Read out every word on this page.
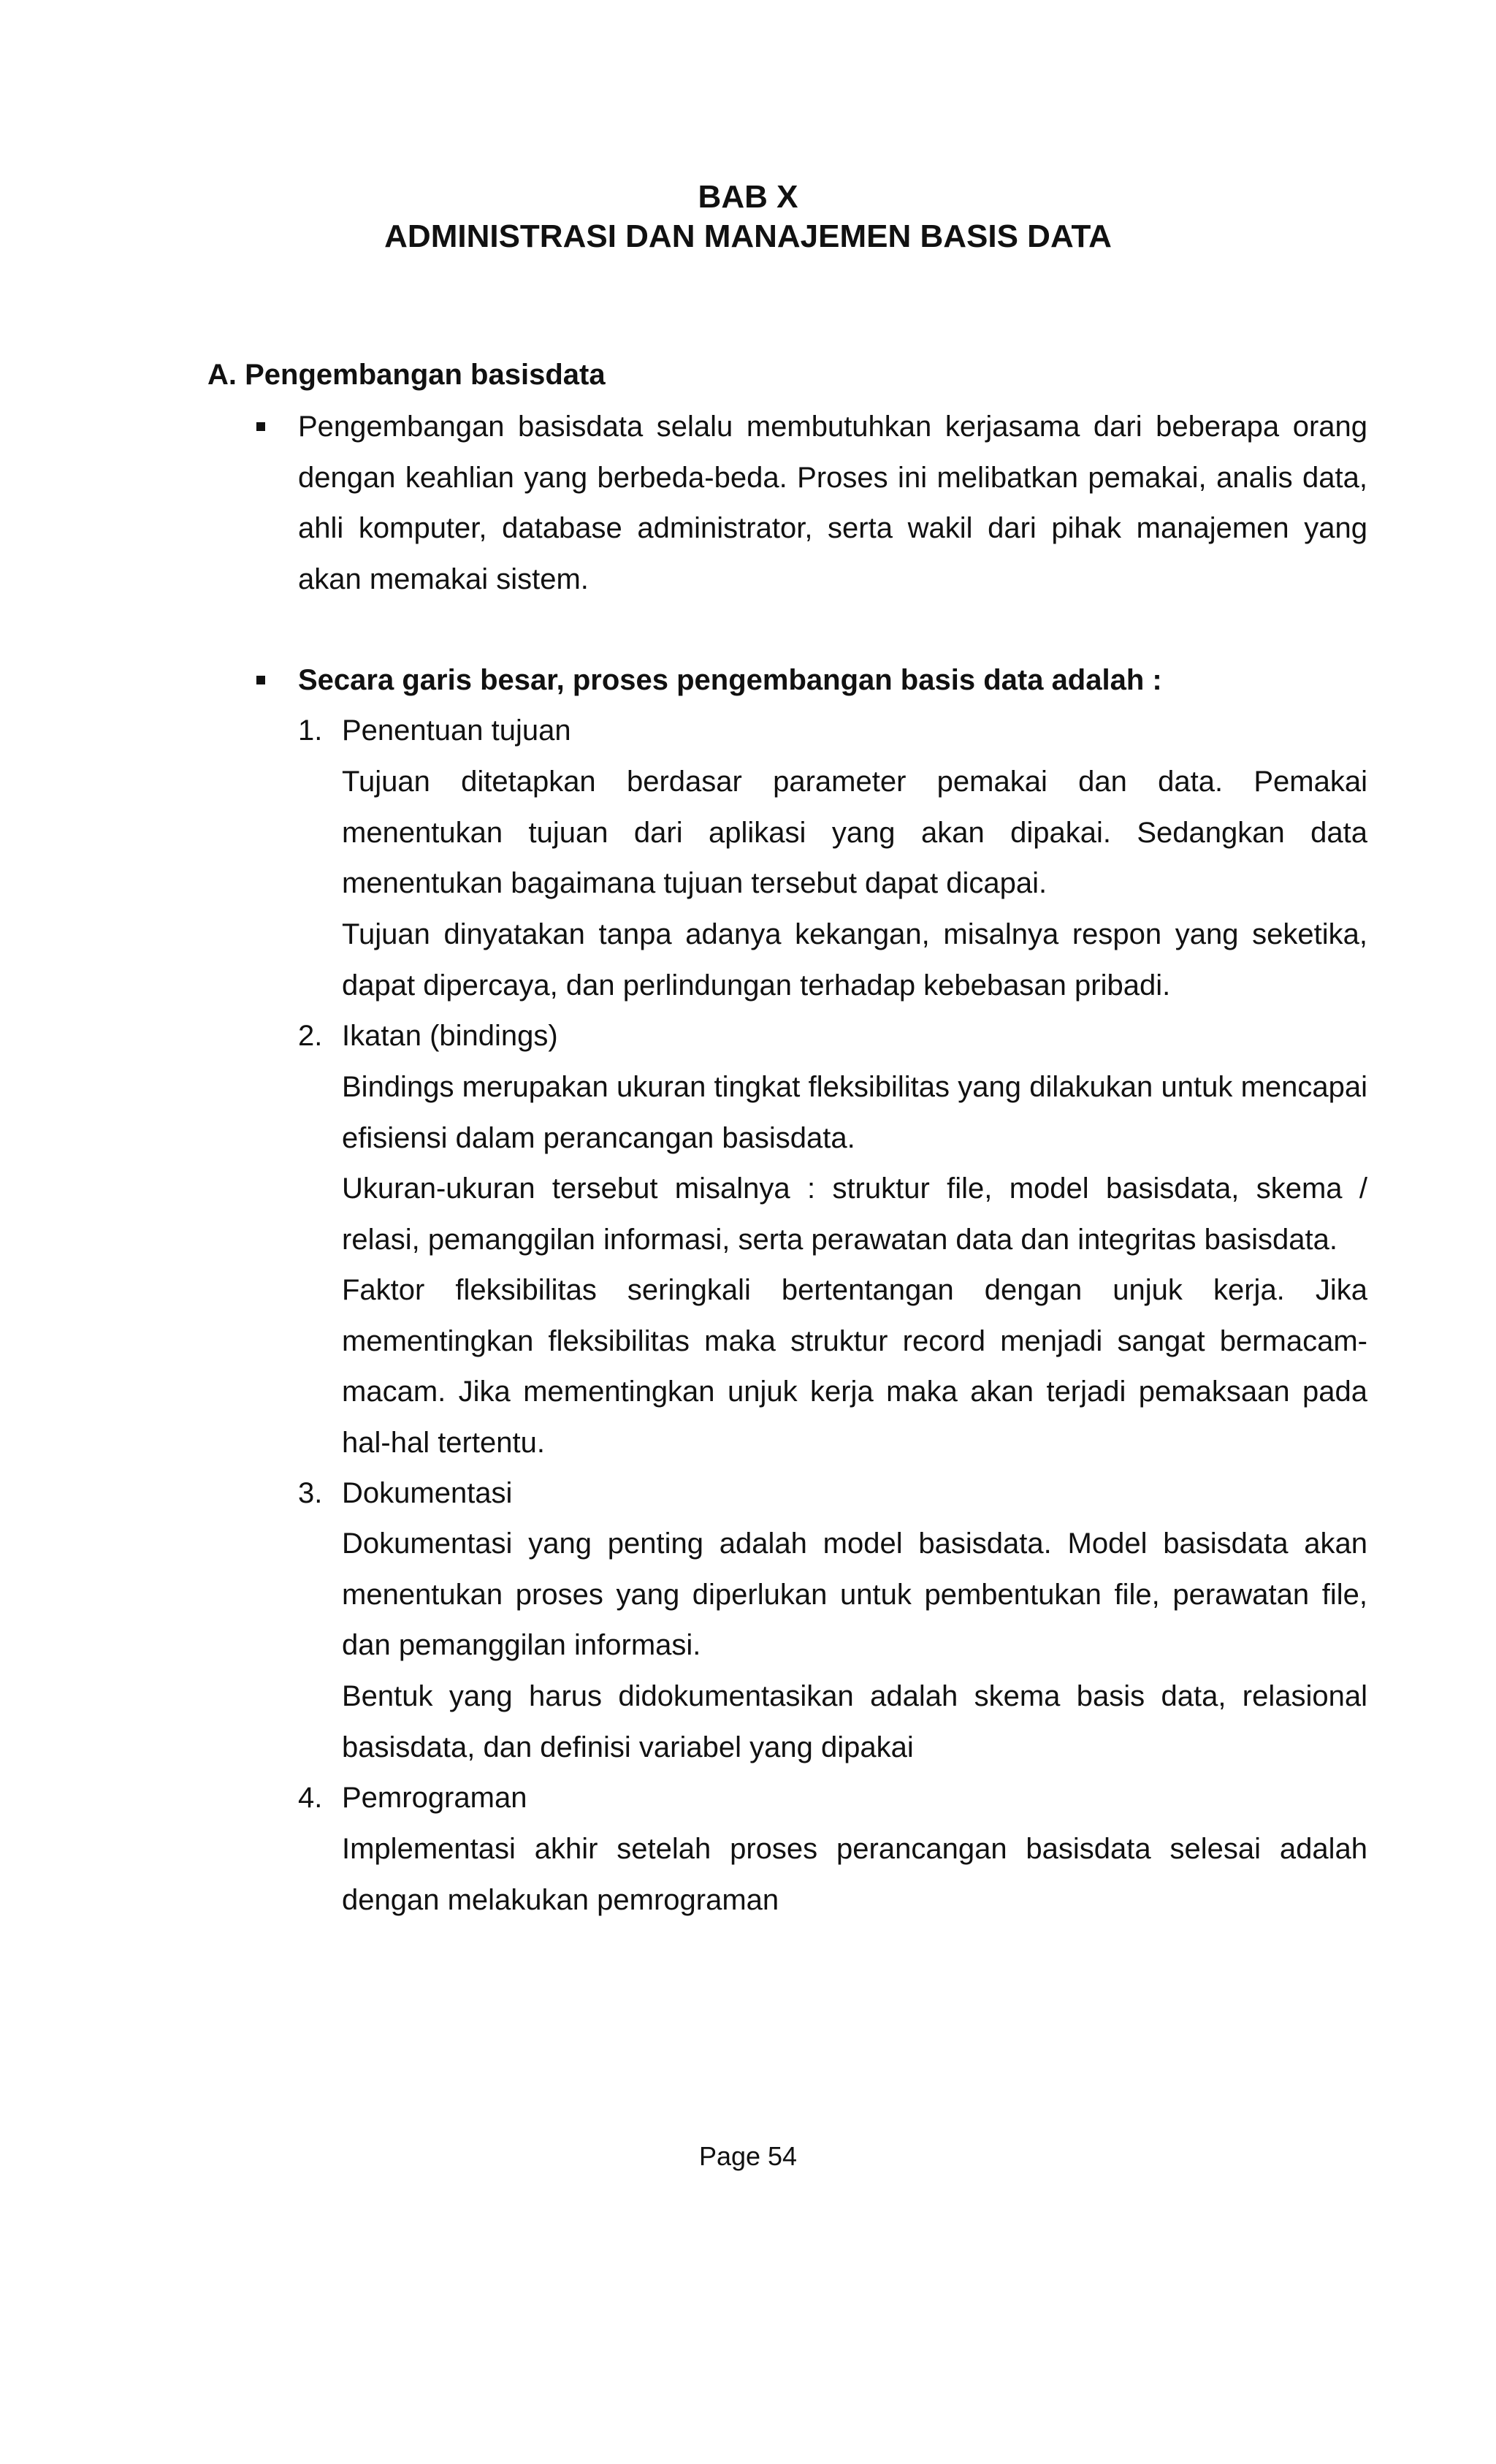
BAB X
ADMINISTRASI DAN MANAJEMEN BASIS DATA

A. Pengembangan basisdata

Pengembangan basisdata selalu membutuhkan kerjasama dari beberapa orang dengan keahlian yang berbeda-beda. Proses ini melibatkan pemakai, analis data, ahli komputer, database administrator, serta wakil dari pihak manajemen yang akan memakai sistem.

Secara garis besar, proses pengembangan basis data adalah :

1. Penentuan tujuan

Tujuan ditetapkan berdasar parameter pemakai dan data. Pemakai menentukan tujuan dari aplikasi yang akan dipakai. Sedangkan data menentukan bagaimana tujuan tersebut dapat dicapai.

Tujuan dinyatakan tanpa adanya kekangan, misalnya respon yang seketika, dapat dipercaya, dan perlindungan terhadap kebebasan pribadi.

2. Ikatan (bindings)

Bindings merupakan ukuran tingkat fleksibilitas yang dilakukan untuk mencapai efisiensi dalam perancangan basisdata.

Ukuran-ukuran tersebut misalnya : struktur file, model basisdata, skema / relasi, pemanggilan informasi, serta perawatan data dan integritas basisdata.

Faktor fleksibilitas seringkali bertentangan dengan unjuk kerja. Jika mementingkan fleksibilitas maka struktur record menjadi sangat bermacam-macam. Jika mementingkan unjuk kerja maka akan terjadi pemaksaan pada hal-hal tertentu.

3. Dokumentasi

Dokumentasi yang penting adalah model basisdata. Model basisdata akan menentukan proses yang diperlukan untuk pembentukan file, perawatan file, dan pemanggilan informasi.

Bentuk yang harus didokumentasikan adalah skema basis data, relasional basisdata, dan definisi variabel yang dipakai

4. Pemrograman

Implementasi akhir setelah proses perancangan basisdata selesai adalah dengan melakukan pemrograman

Page 54
